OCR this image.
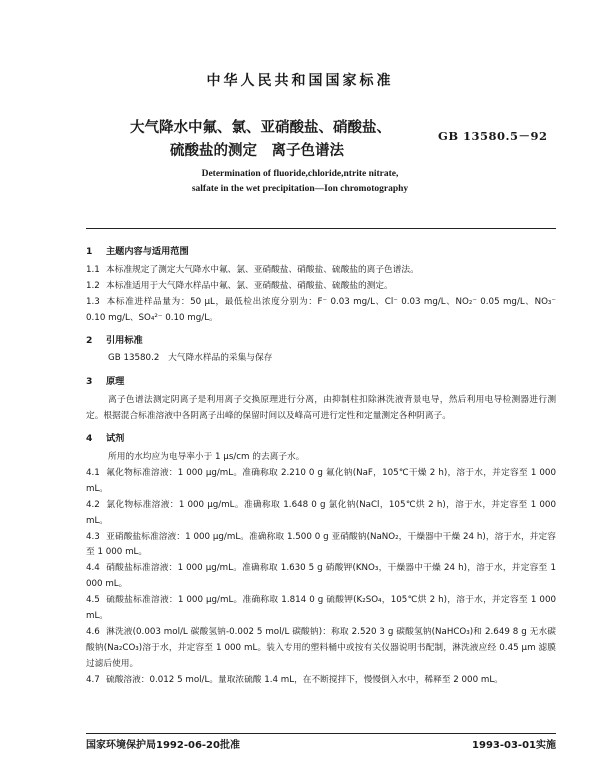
中华人民共和国国家标准
大气降水中氟、氯、亚硝酸盐、硝酸盐、
硫酸盐的测定　离子色谱法
GB 13580.5－92
Determination of fluoride,chloride,ntrite nitrate,
salfate in the wet precipitation—Ion chromotography
1 主题内容与适用范围

1.1 本标准规定了测定大气降水中氟、氯、亚硝酸盐、硝酸盐、硫酸盐的离子色谱法。

1.2 本标准适用于大气降水样品中氟、氯、亚硝酸盐、硝酸盐、硫酸盐的测定。

1.3 本标准进样品量为：50 μL，最低检出浓度分别为：F⁻ 0.03 mg/L、Cl⁻ 0.03 mg/L、NO₂⁻ 0.05 mg/L、NO₃⁻ 0.10 mg/L、SO₄²⁻ 0.10 mg/L。

2 引用标准

GB 13580.2　大气降水样品的采集与保存

3 原理

离子色谱法测定阴离子是利用离子交换原理进行分离，由抑制柱扣除淋洗液背景电导，然后利用电导检测器进行测定。根据混合标准溶液中各阴离子出峰的保留时间以及峰高可进行定性和定量测定各种阴离子。

4 试剂

所用的水均应为电导率小于 1 μs/cm 的去离子水。

4.1 氟化物标准溶液：1 000 μg/mL。准确称取 2.210 0 g 氟化钠(NaF，105℃干燥 2 h)，溶于水，并定容至 1 000 mL。

4.2 氯化物标准溶液：1 000 μg/mL。准确称取 1.648 0 g 氯化钠(NaCl，105℃烘 2 h)，溶于水，并定容至 1 000 mL。

4.3 亚硝酸盐标准溶液：1 000 μg/mL。准确称取 1.500 0 g 亚硝酸钠(NaNO₂，干燥器中干燥 24 h)，溶于水，并定容至 1 000 mL。

4.4 硝酸盐标准溶液：1 000 μg/mL。准确称取 1.630 5 g 硝酸钾(KNO₃，干燥器中干燥 24 h)，溶于水，并定容至 1 000 mL。

4.5 硫酸盐标准溶液：1 000 μg/mL。准确称取 1.814 0 g 硫酸钾(K₂SO₄，105℃烘 2 h)，溶于水，并定容至 1 000 mL。

4.6 淋洗液(0.003 mol/L 碳酸氢钠-0.002 5 mol/L 碳酸钠)：称取 2.520 3 g 碳酸氢钠(NaHCO₃)和 2.649 8 g 无水碳酸钠(Na₂CO₃)溶于水，并定容至 1 000 mL。装入专用的塑料桶中或按有关仪器说明书配制，淋洗液应经 0.45 μm 滤膜过滤后使用。

4.7 硫酸溶液：0.012 5 mol/L。量取浓硫酸 1.4 mL，在不断搅拌下，慢慢倒入水中，稀释至 2 000 mL。

国家环境保护局1992-06-20批准	1993-03-01实施
